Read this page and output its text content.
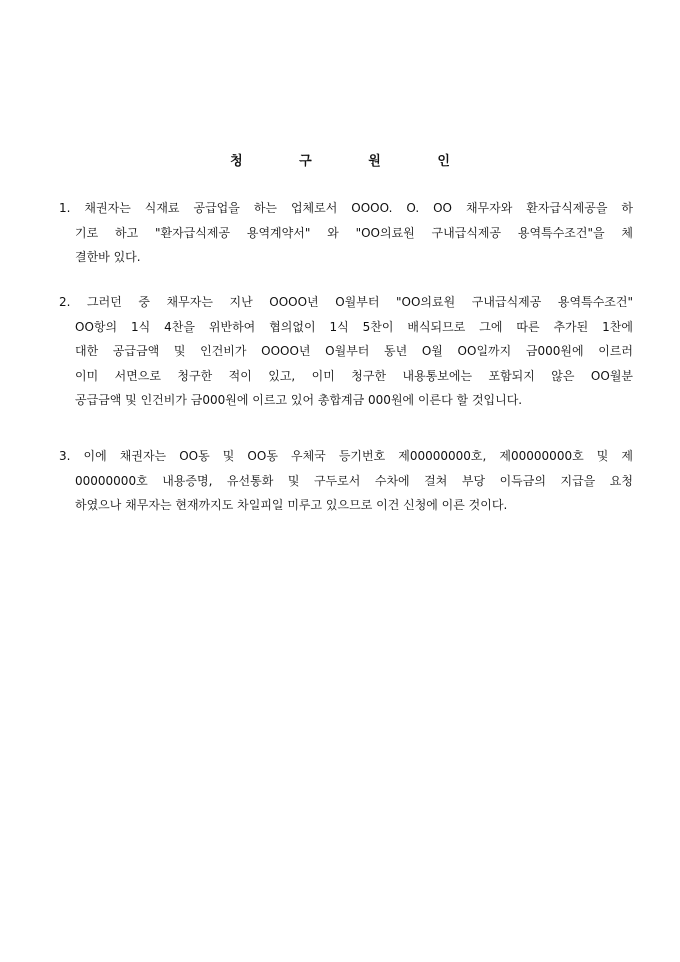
청 구 원 인
1. 채권자는 식재료 공급업을 하는 업체로서 OOOO. O. OO 채무자와 환자급식제공을 하
기로 하고 "환자급식제공 용역계약서" 와 "OO의료원 구내급식제공 용역특수조건"을 체
결한바 있다.
2. 그러던 중 채무자는 지난 OOOO년 O월부터 "OO의료원 구내급식제공 용역특수조건"
OO항의 1식 4찬을 위반하여 협의없이 1식 5찬이 배식되므로 그에 따른 추가된 1찬에
대한 공급금액 및 인건비가 OOOO년 O월부터 동년 O월 OO일까지 금000원에 이르러
이미 서면으로 청구한 적이 있고, 이미 청구한 내용통보에는 포함되지 않은 OO월분
공급금액 및 인건비가 금000원에 이르고 있어 총합계금 000원에 이른다 할 것입니다.
3. 이에 채권자는 OO동 및 OO동 우체국 등기번호 제00000000호, 제00000000호 및 제
00000000호 내용증명, 유선통화 및 구두로서 수차에 걸쳐 부당 이득금의 지급을 요청
하였으나 채무자는 현재까지도 차일피일 미루고 있으므로 이건 신청에 이른 것이다.
